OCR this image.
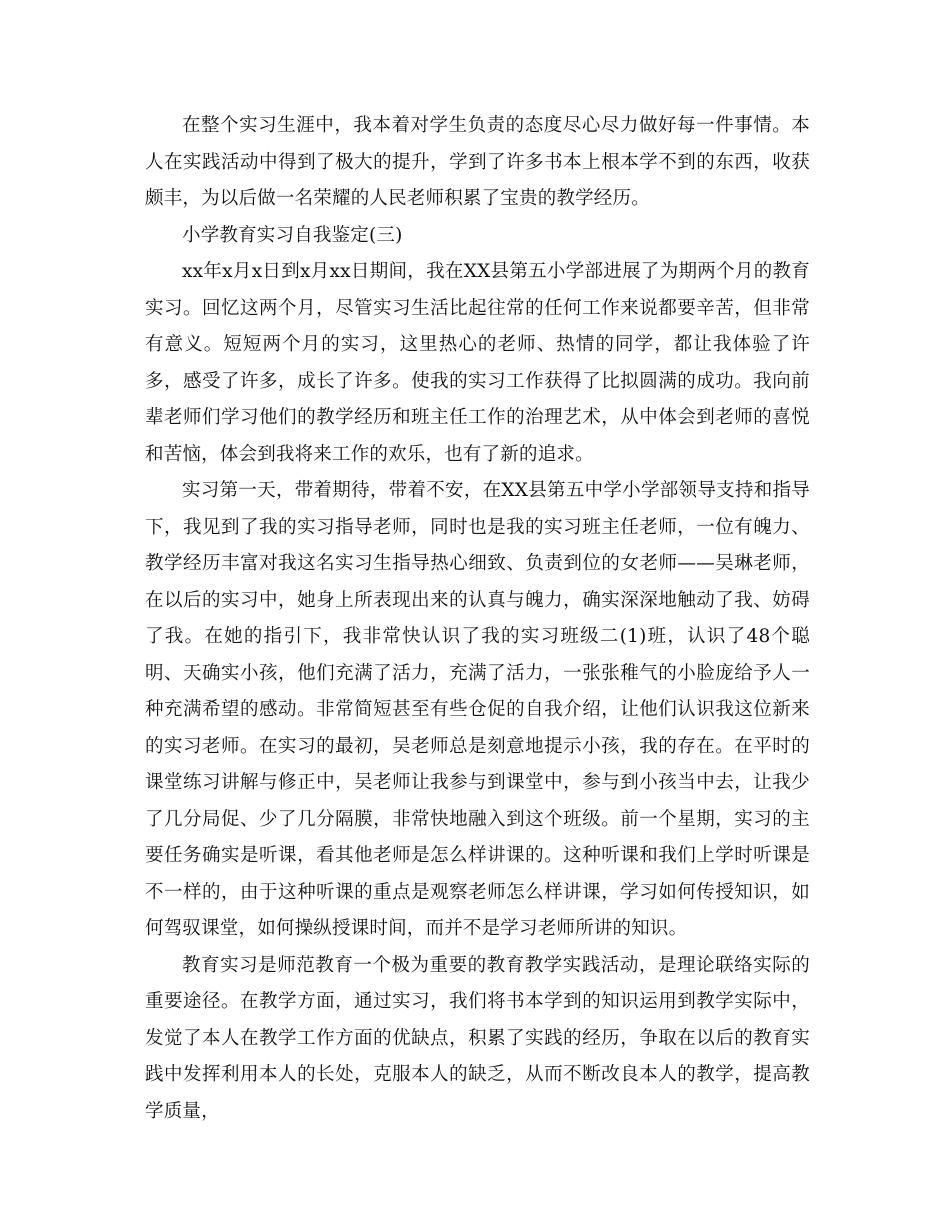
在整个实习生涯中，我本着对学生负责的态度尽心尽力做好每一件事情。本人在实践活动中得到了极大的提升，学到了许多书本上根本学不到的东西，收获颇丰，为以后做一名荣耀的人民老师积累了宝贵的教学经历。

小学教育实习自我鉴定(三)

xx年x月x日到x月xx日期间，我在XX县第五小学部进展了为期两个月的教育实习。回忆这两个月，尽管实习生活比起往常的任何工作来说都要辛苦，但非常有意义。短短两个月的实习，这里热心的老师、热情的同学，都让我体验了许多，感受了许多，成长了许多。使我的实习工作获得了比拟圆满的成功。我向前辈老师们学习他们的教学经历和班主任工作的治理艺术，从中体会到老师的喜悦和苦恼，体会到我将来工作的欢乐，也有了新的追求。

实习第一天，带着期待，带着不安，在XX县第五中学小学部领导支持和指导下，我见到了我的实习指导老师，同时也是我的实习班主任老师，一位有魄力、教学经历丰富对我这名实习生指导热心细致、负责到位的女老师——吴琳老师，在以后的实习中，她身上所表现出来的认真与魄力，确实深深地触动了我、妨碍了我。在她的指引下，我非常快认识了我的实习班级二(1)班，认识了48个聪明、天确实小孩，他们充满了活力，充满了活力，一张张稚气的小脸庞给予人一种充满希望的感动。非常简短甚至有些仓促的自我介绍，让他们认识我这位新来的实习老师。在实习的最初，吴老师总是刻意地提示小孩，我的存在。在平时的课堂练习讲解与修正中，吴老师让我参与到课堂中，参与到小孩当中去，让我少了几分局促、少了几分隔膜，非常快地融入到这个班级。前一个星期，实习的主要任务确实是听课，看其他老师是怎么样讲课的。这种听课和我们上学时听课是不一样的，由于这种听课的重点是观察老师怎么样讲课，学习如何传授知识，如何驾驭课堂，如何操纵授课时间，而并不是学习老师所讲的知识。

教育实习是师范教育一个极为重要的教育教学实践活动，是理论联络实际的重要途径。在教学方面，通过实习，我们将书本学到的知识运用到教学实际中，发觉了本人在教学工作方面的优缺点，积累了实践的经历，争取在以后的教育实践中发挥利用本人的长处，克服本人的缺乏，从而不断改良本人的教学，提高教学质量，
